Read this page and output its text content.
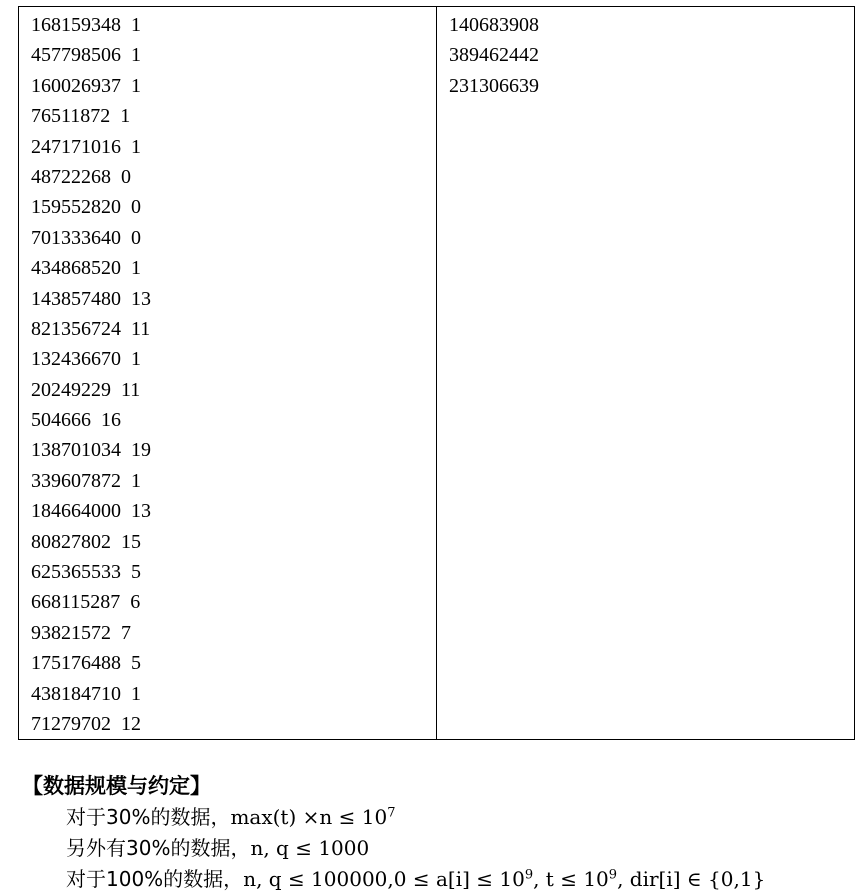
168159348  1
457798506  1
160026937  1
76511872  1
247171016  1
48722268  0
159552820  0
701333640  0
434868520  1
143857480  13
821356724  11
132436670  1
20249229  11
504666  16
138701034  19
339607872  1
184664000  13
80827802  15
625365533  5
668115287  6
93821572  7
175176488  5
438184710  1
71279702  12
140683908
389462442
231306639
【数据规模与约定】
对于30%的数据，$\max(t) \times n \le 10^7$
另外有30%的数据，n, q ≤ 1000
对于100%的数据，n, $q \le 100000,0 \le a[i] \le 10^9$, $t \le 10^9$, dir[i] ∈ {0,1}
